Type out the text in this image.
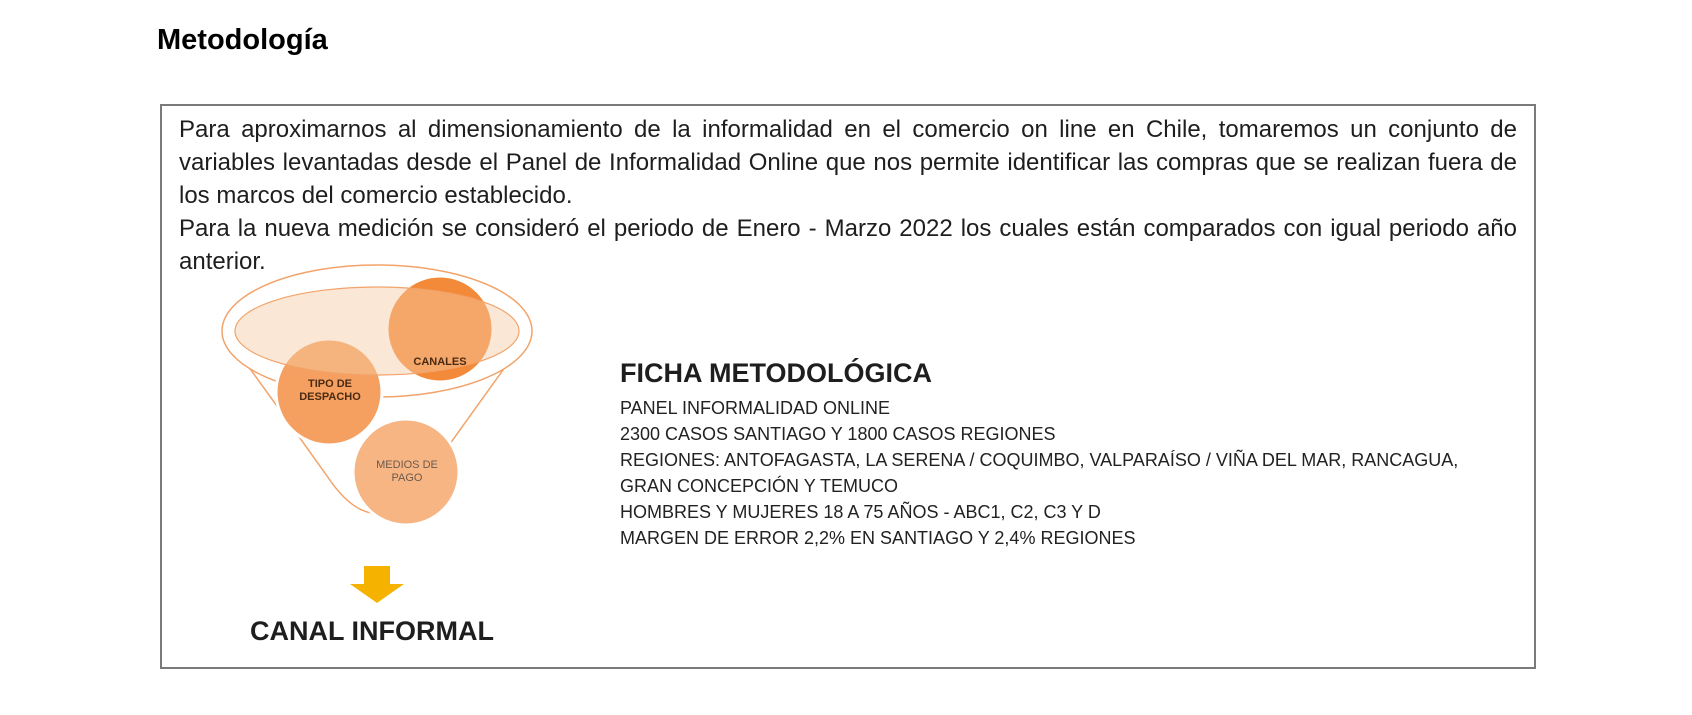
Metodología

Para aproximarnos al dimensionamiento de la informalidad en el comercio on line en Chile, tomaremos un conjunto de variables levantadas desde el Panel de Informalidad Online que nos permite identificar las compras que se realizan fuera de los marcos del comercio establecido.

Para la nueva medición se consideró el periodo de Enero - Marzo 2022 los cuales están comparados con igual periodo año anterior.

TIPO DE
DESPACHO
CANALES
MEDIOS DE
PAGO
CANAL INFORMAL
FICHA METODOLÓGICA

PANEL INFORMALIDAD ONLINE

2300 CASOS SANTIAGO Y 1800 CASOS REGIONES

REGIONES: ANTOFAGASTA, LA SERENA / COQUIMBO, VALPARAÍSO / VIÑA DEL MAR, RANCAGUA,

GRAN CONCEPCIÓN Y TEMUCO

HOMBRES Y MUJERES 18 A 75 AÑOS - ABC1, C2, C3 Y D

MARGEN DE ERROR 2,2% EN SANTIAGO Y 2,4% REGIONES
